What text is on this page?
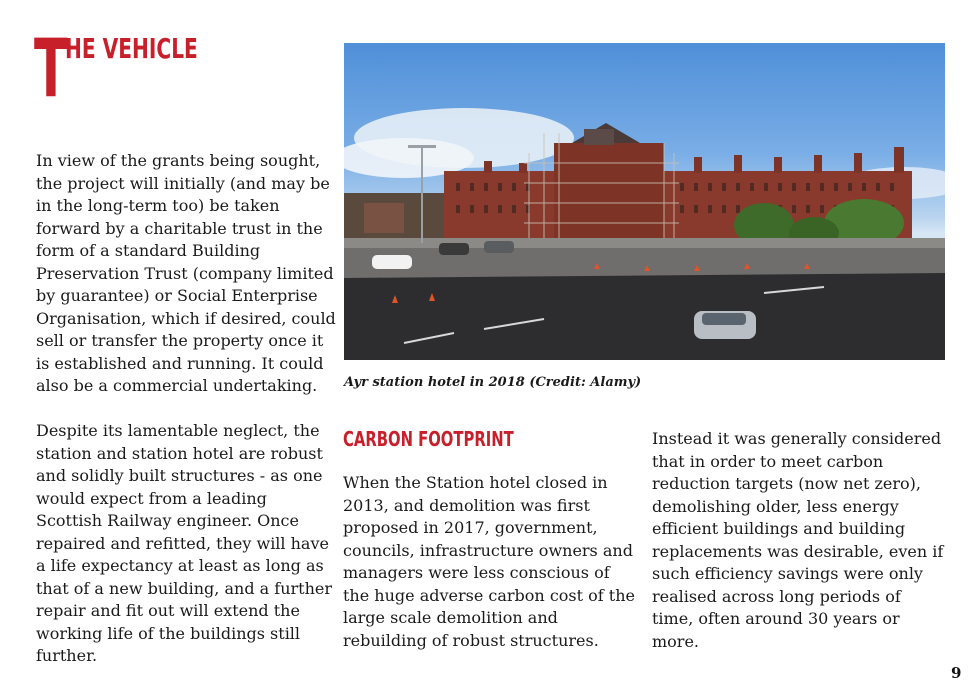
T
HE VEHICLE

In view of the grants being sought, the project will initially (and may be in the long-term too) be taken forward by a charitable trust in the form of a standard Building Preservation Trust (company limited by guarantee) or Social Enterprise Organisation, which if desired, could sell or transfer the property once it is established and running. It could also be a commercial undertaking.

Despite its lamentable neglect, the station and station hotel are robust and solidly built structures - as one would expect from a leading Scottish Railway engineer. Once repaired and refitted, they will have a life expectancy at least as long as that of a new building, and a further repair and fit out will extend the working life of the buildings still further.

Ayr station hotel in 2018 (Credit: Alamy)

CARBON FOOTPRINT

When the Station hotel closed in 2013, and demolition was first proposed in 2017, government, councils, infrastructure owners and managers were less conscious of the huge adverse carbon cost of the large scale demolition and rebuilding of robust structures.

Instead it was generally considered that in order to meet carbon reduction targets (now net zero), demolishing older, less energy efficient buildings and building replacements was desirable, even if such efficiency savings were only realised across long periods of time, often around 30 years or more.

9
